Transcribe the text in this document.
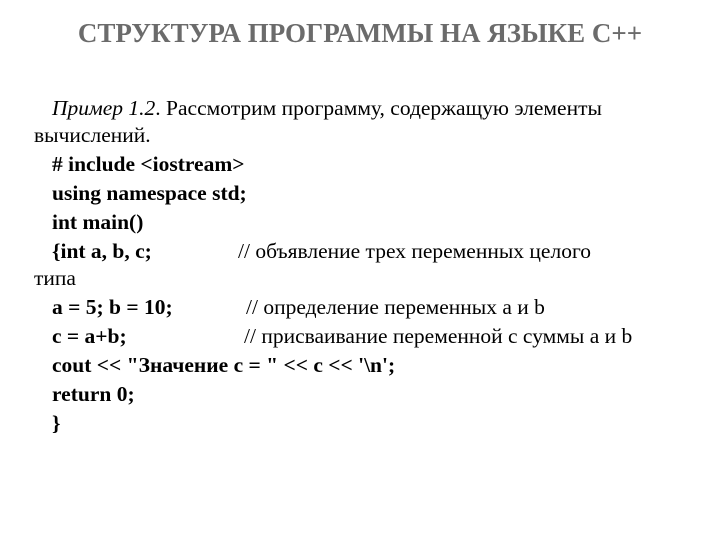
СТРУКТУРА ПРОГРАММЫ НА ЯЗЫКЕ С++
Пример 1.2. Рассмотрим программу, содержащую элементы
вычислений.
# include <iostream>
using namespace std;
int main()
{int a, b, c;	// объявление трех переменных целого
типа
a = 5; b = 10;	// определение переменных a и b
c = a+b;	// присваивание переменной с суммы a и b
cout << "Значение c = " << c << '\n';
return 0;
}
